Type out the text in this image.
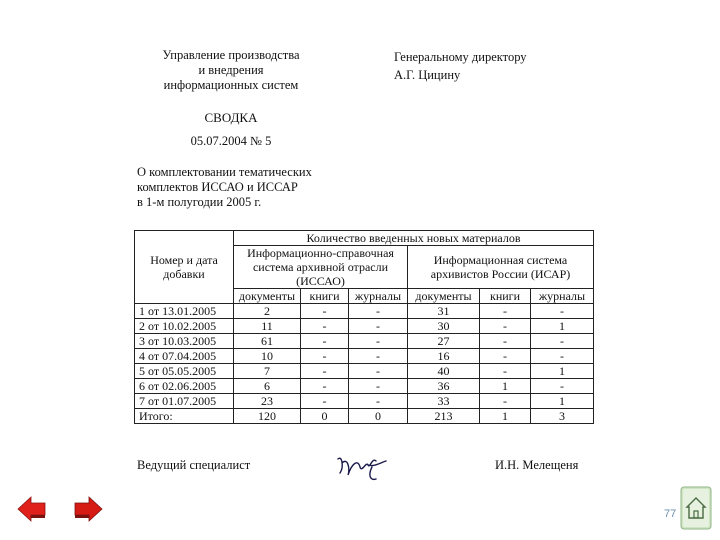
Управление производства
и внедрения
информационных систем
Генеральному директору
А.Г. Цицину
СВОДКА
05.07.2004 № 5
О комплектовании тематических
комплектов ИССАО и ИССАР
в 1-м полугодии 2005 г.
Номер и дата добавки	Количество введенных новых материалов					
	Информационно-справочная система архивной отрасли (ИССАО)			Информационная система архивистов России (ИСАР)		
	документы	книги	журналы	документы	книги	журналы
1 от 13.01.2005	2	-	-	31	-	-
2 от 10.02.2005	11	-	-	30	-	1
3 от 10.03.2005	61	-	-	27	-	-
4 от 07.04.2005	10	-	-	16	-	-
5 от 05.05.2005	7	-	-	40	-	1
6 от 02.06.2005	6	-	-	36	1	-
7 от 01.07.2005	23	-	-	33	-	1
Итого:	120	0	0	213	1	3
Ведущий специалист	И.Н. Мелещеня
77
